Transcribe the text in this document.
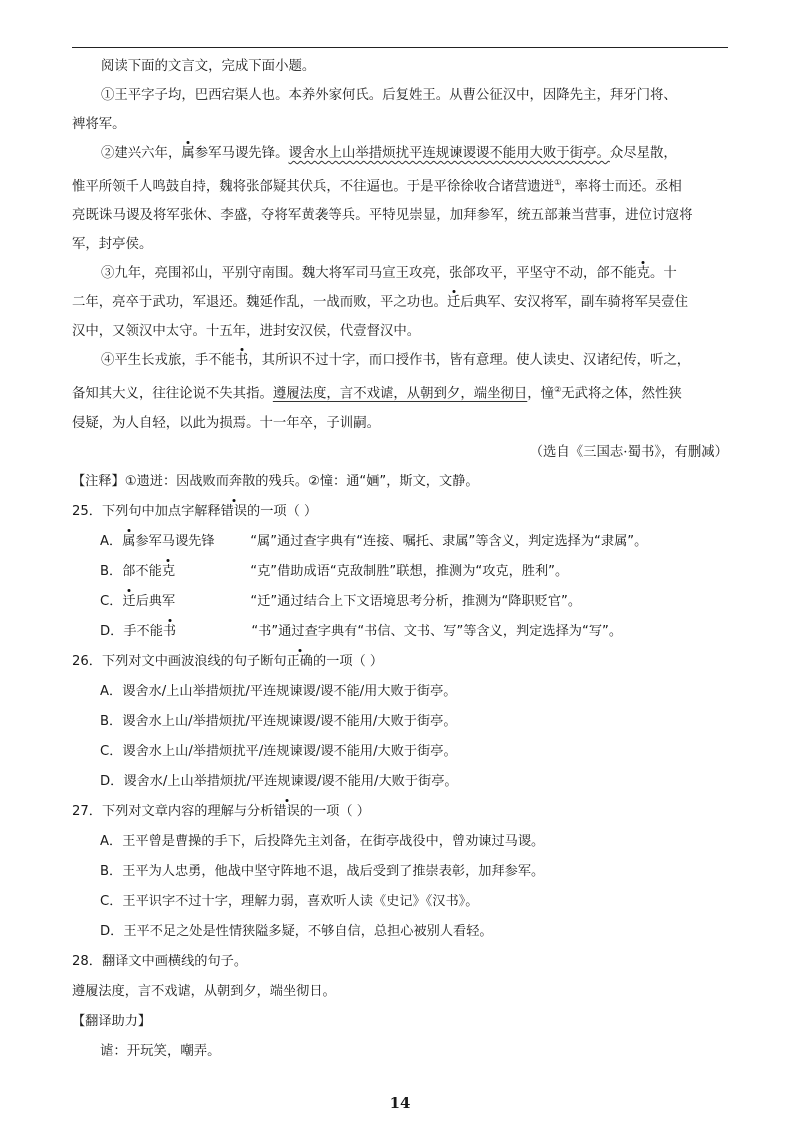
阅读下面的文言文，完成下面小题。

①王平字子均，巴西宕渠人也。本养外家何氏。后复姓王。从曹公征汉中，因降先主，拜牙门将、

裨将军。

②建兴六年，属参军马谡先锋。谡舍水上山举措烦扰平连规谏谡谡不能用大败于街亭。众尽星散，

惟平所领千人鸣鼓自持，魏将张郃疑其伏兵，不往逼也。于是平徐徐收合诸营遗迸①，率将士而还。丞相

亮既诛马谡及将军张休、李盛，夺将军黄袭等兵。平特见崇显，加拜参军，统五部兼当营事，进位讨寇将

军，封亭侯。

③九年，亮围祁山，平别守南围。魏大将军司马宣王攻亮，张郃攻平，平坚守不动，郃不能克。十

二年，亮卒于武功，军退还。魏延作乱，一战而败，平之功也。迁后典军、安汉将军，副车骑将军吴壹住

汉中，又领汉中太守。十五年，进封安汉侯，代壹督汉中。

④平生长戎旅，手不能书，其所识不过十字，而口授作书，皆有意理。使人读史、汉诸纪传，听之，

备知其大义，往往论说不失其指。遵履法度，言不戏谑，从朝到夕，端坐彻日，憧②无武将之体，然性狭

侵疑，为人自轻，以此为损焉。十一年卒，子训嗣。

（选自《三国志·蜀书》，有删减）

【注释】①遗迸：因战败而奔散的残兵。②憧：通“婳”，斯文，文静。

25．下列句中加点字解释错误的一项（ ）

A．属参军马谡先锋	“属”通过查字典有“连接、嘱托、隶属”等含义，判定选择为“隶属”。

B．郃不能克	“克”借助成语“克敌制胜”联想，推测为“攻克，胜利”。

C．迁后典军	“迁”通过结合上下文语境思考分析，推测为“降职贬官”。

D．手不能书	“书”通过查字典有“书信、文书、写”等含义，判定选择为“写”。

26．下列对文中画波浪线的句子断句正确的一项（ ）

A．谡舍水/上山举措烦扰/平连规谏谡/谡不能/用大败于街亭。

B．谡舍水上山/举措烦扰/平连规谏谡/谡不能用/大败于街亭。

C．谡舍水上山/举措烦扰平/连规谏谡/谡不能用/大败于街亭。

D．谡舍水/上山举措烦扰/平连规谏谡/谡不能用/大败于街亭。

27．下列对文章内容的理解与分析错误的一项（ ）

A．王平曾是曹操的手下，后投降先主刘备，在街亭战役中，曾劝谏过马谡。

B．王平为人忠勇，他战中坚守阵地不退，战后受到了推崇表彰，加拜参军。

C．王平识字不过十字，理解力弱，喜欢听人读《史记》《汉书》。

D．王平不足之处是性情狭隘多疑，不够自信，总担心被别人看轻。

28．翻译文中画横线的句子。

遵履法度，言不戏谑，从朝到夕，端坐彻日。

【翻译助力】

谑：开玩笑，嘲弄。

14
